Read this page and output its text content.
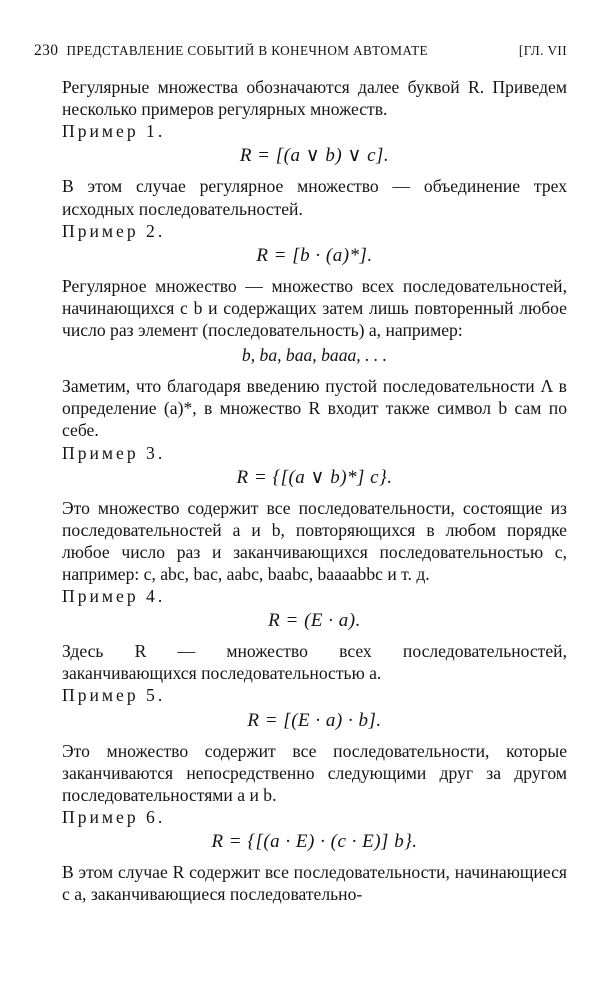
230 ПРЕДСТАВЛЕНИЕ СОБЫТИЙ В КОНЕЧНОМ АВТОМАТЕ	[ГЛ. VII

Регулярные множества обозначаются далее буквой R. Приведем несколько примеров регулярных множеств.

Пример 1.
R = [(a ∨ b) ∨ c].

В этом случае регулярное множество — объединение трех исходных последовательностей.

Пример 2.
R = [b · (a)*].

Регулярное множество — множество всех последовательностей, начинающихся с b и содержащих затем лишь повторенный любое число раз элемент (последовательность) a, например:

b, ba, baa, baaa, . . .

Заметим, что благодаря введению пустой последовательности Λ в определение (a)*, в множество R входит также символ b сам по себе.

Пример 3.
R = {[(a ∨ b)*] c}.

Это множество содержит все последовательности, состоящие из последовательностей a и b, повторяющихся в любом порядке любое число раз и заканчивающихся последовательностью c, например: c, abc, bac, aabc, baabc, baaaabbc и т. д.

Пример 4.
R = (E · a).

Здесь R — множество всех последовательностей, заканчивающихся последовательностью a.

Пример 5.
R = [(E · a) · b].

Это множество содержит все последовательности, которые заканчиваются непосредственно следующими друг за другом последовательностями a и b.

Пример 6.
R = {[(a · E) · (c · E)] b}.

В этом случае R содержит все последовательности, начинающиеся с a, заканчивающиеся последовательно-
